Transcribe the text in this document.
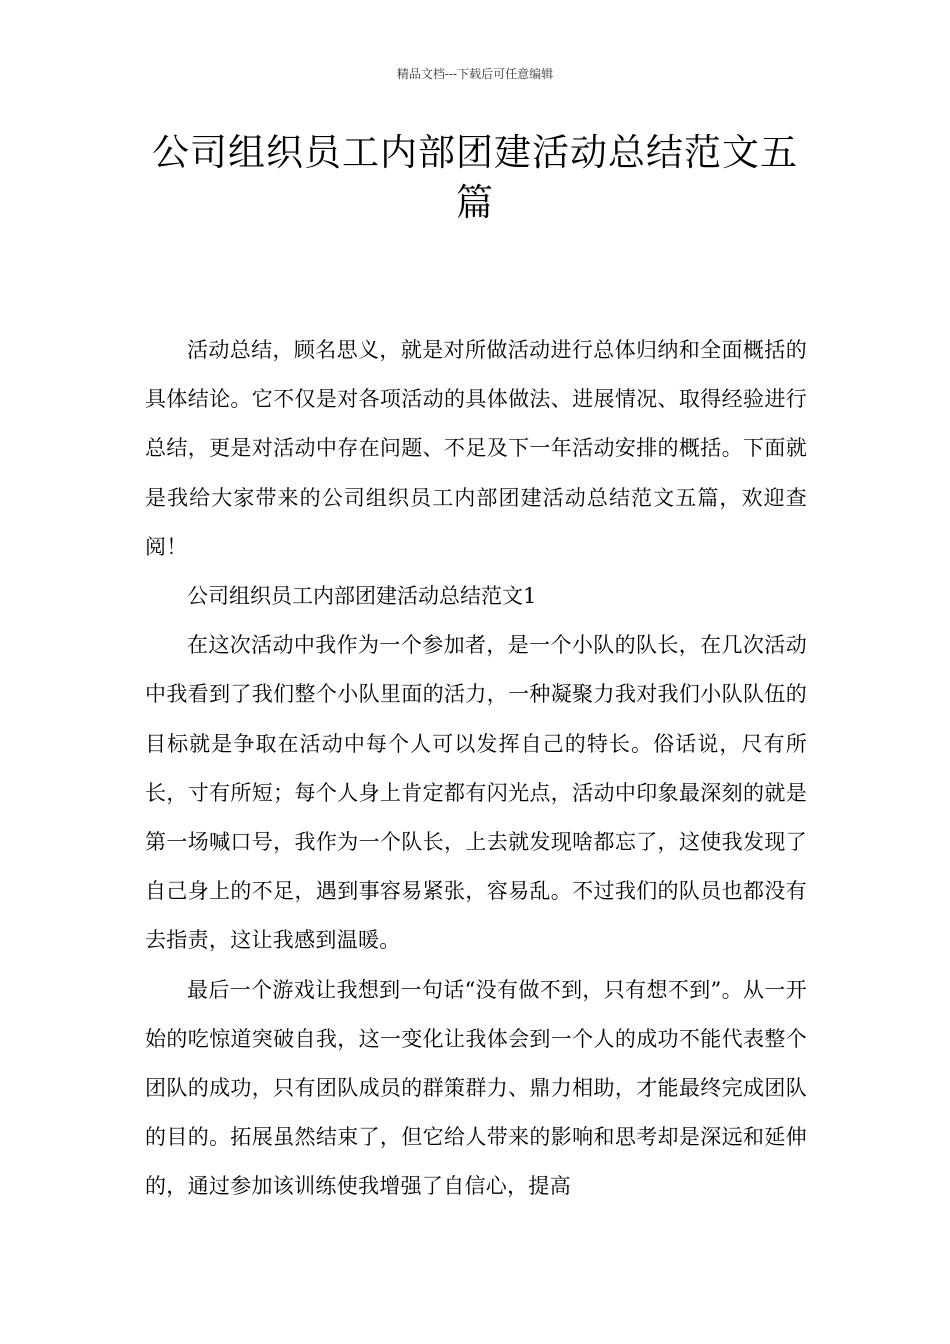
精品文档---下载后可任意编辑
公司组织员工内部团建活动总结范文五篇

活动总结，顾名思义，就是对所做活动进行总体归纳和全面概括的具体结论。它不仅是对各项活动的具体做法、进展情况、取得经验进行总结，更是对活动中存在问题、不足及下一年活动安排的概括。下面就是我给大家带来的公司组织员工内部团建活动总结范文五篇，欢迎查阅！

公司组织员工内部团建活动总结范文1

在这次活动中我作为一个参加者，是一个小队的队长，在几次活动中我看到了我们整个小队里面的活力，一种凝聚力我对我们小队队伍的目标就是争取在活动中每个人可以发挥自己的特长。俗话说，尺有所长，寸有所短；每个人身上肯定都有闪光点，活动中印象最深刻的就是第一场喊口号，我作为一个队长，上去就发现啥都忘了，这使我发现了自己身上的不足，遇到事容易紧张，容易乱。不过我们的队员也都没有去指责，这让我感到温暖。

最后一个游戏让我想到一句话“没有做不到，只有想不到”。从一开始的吃惊道突破自我，这一变化让我体会到一个人的成功不能代表整个团队的成功，只有团队成员的群策群力、鼎力相助，才能最终完成团队的目的。拓展虽然结束了，但它给人带来的影响和思考却是深远和延伸的，通过参加该训练使我增强了自信心，提高
